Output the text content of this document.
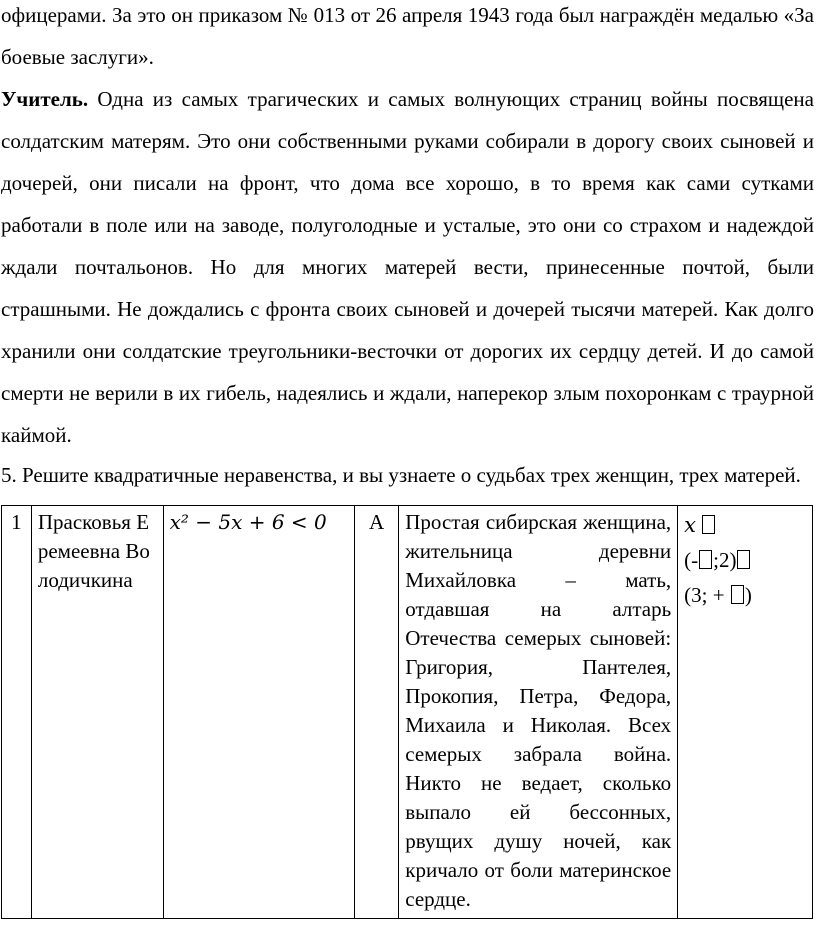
офицерами. За это он приказом № 013 от 26 апреля 1943 года был награждён медалью «За боевые заслуги».

Учитель. Одна из самых трагических и самых волнующих страниц войны посвящена солдатским матерям. Это они собственными руками собирали в дорогу своих сыновей и дочерей, они писали на фронт, что дома все хорошо, в то время как сами сутками работали в поле или на заводе, полуголодные и усталые, это они со страхом и надеждой ждали почтальонов. Но для многих матерей вести, принесенные почтой, были страшными. Не дождались с фронта своих сыновей и дочерей тысячи матерей. Как долго хранили они солдатские треугольники-весточки от дорогих их сердцу детей. И до самой смерти не верили в их гибель, надеялись и ждали, наперекор злым похоронкам с траурной каймой.

5. Решите квадратичные неравенства, и вы узнаете о судьбах трех женщин, трех матерей.

1	Прасковья Еремеевна Володичкина	𝑥² − 5𝑥 + 6 < 0	А	Простая сибирская женщина, жительница деревни Михайловка – мать, отдавшая на алтарь Отечества семерых сыновей: Григория, Пантелея, Прокопия, Петра, Федора, Михаила и Николая. Всех семерых забрала война. Никто не ведает, сколько выпало ей бессонных, рвущих душу ночей, как кричало от боли материнское сердце.	
𝑥
(- ;2)
(3; + )
